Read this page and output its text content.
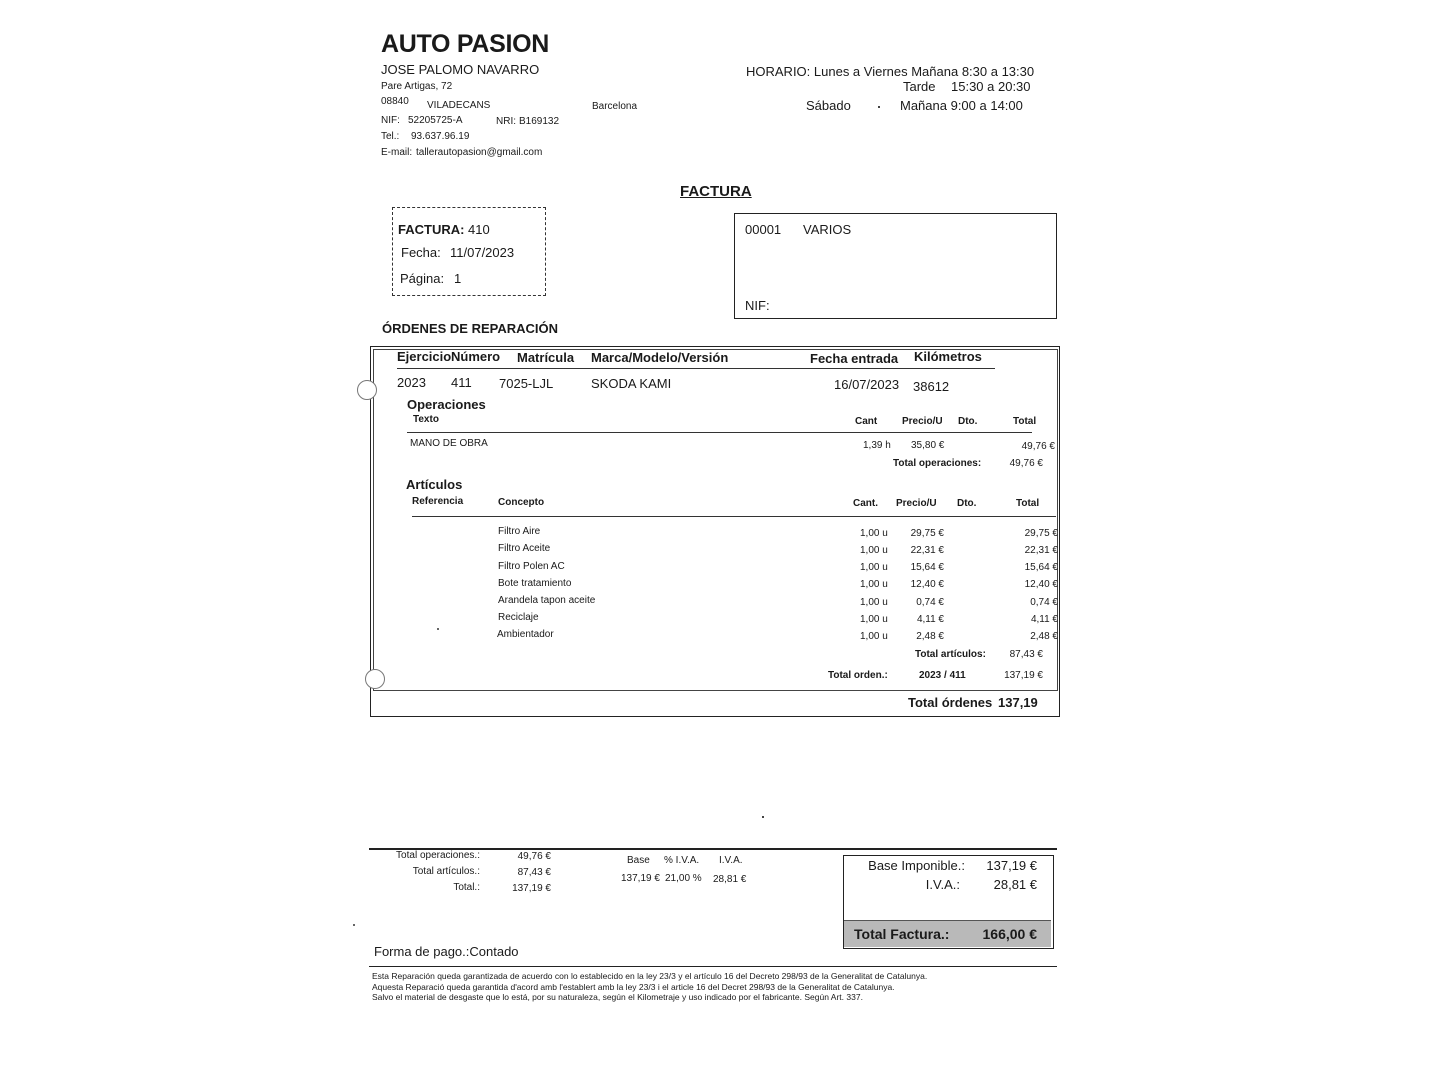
AUTO PASION
JOSE PALOMO NAVARRO
Pare Artigas, 72
08840 VILADECANS	Barcelona
NIF: 52205725-A	NRI: B169132
Tel.: 93.637.96.19
E-mail: tallerautopasion@gmail.com
HORARIO: Lunes a Viernes Mañana 8:30 a 13:30
Tarde 15:30 a 20:30
Sábado	Mañana 9:00 a 14:00
FACTURA
FACTURA: 410
Fecha: 11/07/2023
Página: 1
00001 VARIOS
NIF:
ÓRDENES DE REPARACIÓN
Ejercicio Número Matrícula Marca/Modelo/Versión	Fecha entrada Kilómetros
2023 411 7025-LJL	SKODA KAMI	16/07/2023 38612
Operaciones
Texto	Cant Precio/U Dto.	Total
MANO DE OBRA	1,39 h 35,80 €	49,76 €
Total operaciones:	49,76 €
Artículos
Referencia	Concepto	Cant. Precio/U Dto.	Total
Filtro Aire	1,00 u	29,75 €	29,75 €
Filtro Aceite	1,00 u	22,31 €	22,31 €
Filtro Polen AC	1,00 u	15,64 €	15,64 €
Bote tratamiento	1,00 u	12,40 €	12,40 €
Arandela tapon aceite	1,00 u	0,74 €	0,74 €
Reciclaje	1,00 u	4,11 €	4,11 €
Ambientador	1,00 u	2,48 €	2,48 €
Total artículos:	87,43 €
Total orden.:	2023 / 411	137,19 €
Total órdenes 137,19
Total operaciones.:	49,76 €
Total artículos.:	87,43 €
Total.:	137,19 €
Base % I.V.A. I.V.A.
137,19 € 21,00 % 28,81 €
Base Imponible.:	137,19 €
I.V.A.:	28,81 €
Total Factura.:	166,00 €
Forma de pago.:Contado
Esta Reparación queda garantizada de acuerdo con lo establecido en la ley 23/3 y el artículo 16 del Decreto 298/93 de la Generalitat de Catalunya.
Aquesta Reparació queda garantida d'acord amb l'establert amb la ley 23/3 i el article 16 del Decret 298/93 de la Generalitat de Catalunya.
Salvo el material de desgaste que lo está, por su naturaleza, según el Kilometraje y uso indicado por el fabricante. Según Art. 337.
